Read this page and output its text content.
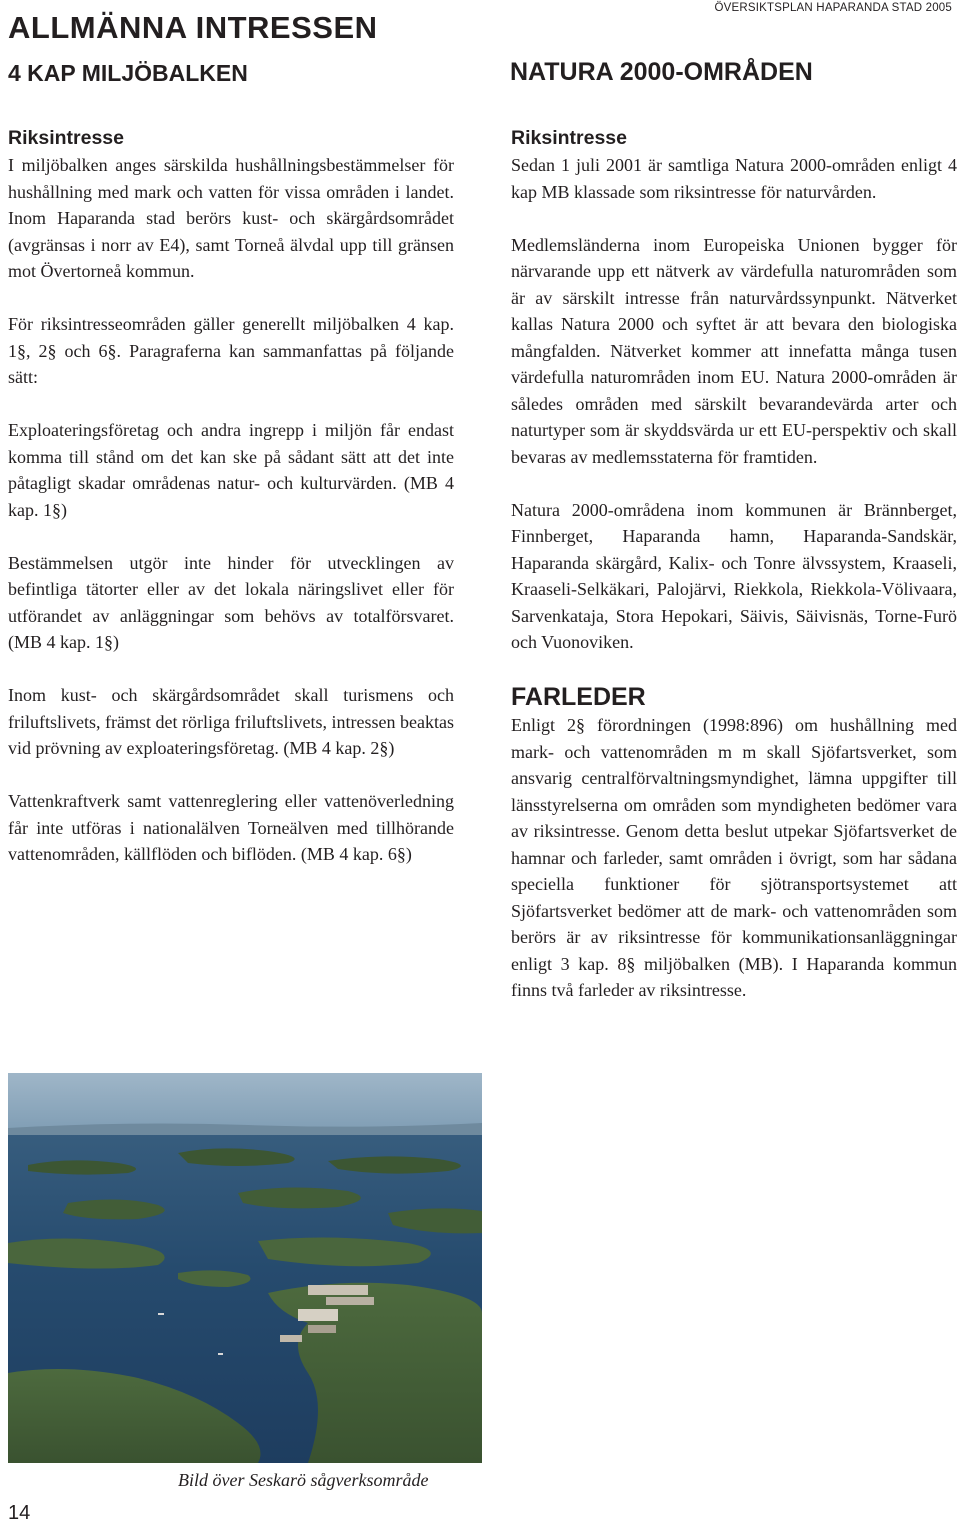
ALLMÄNNA INTRESSEN
4 KAP MILJÖBALKEN
ÖVERSIKTSPLAN HAPARANDA STAD 2005
NATURA 2000-OMRÅDEN
Riksintresse

I miljöbalken anges särskilda hushållningsbestämmelser för hushållning med mark och vatten för vissa områden i landet. Inom Haparanda stad berörs kust- och skärgårdsområdet (avgränsas i norr av E4), samt Torneå älvdal upp till gränsen mot Övertorneå kommun.

För riksintresseområden gäller generellt miljöbalken 4 kap. 1§, 2§ och 6§. Paragraferna kan sammanfattas på följande sätt:

Exploateringsföretag och andra ingrepp i miljön får endast komma till stånd om det kan ske på sådant sätt att det inte påtagligt skadar områdenas natur- och kulturvärden. (MB 4 kap. 1§)

Bestämmelsen utgör inte hinder för utvecklingen av befintliga tätorter eller av det lokala näringslivet eller för utförandet av anläggningar som behövs av totalförsvaret. (MB 4 kap. 1§)

Inom kust- och skärgårdsområdet skall turismens och friluftslivets, främst det rörliga friluftslivets, intressen beaktas vid prövning av exploateringsföretag. (MB 4 kap. 2§)

Vattenkraftverk samt vattenreglering eller vattenöverledning får inte utföras i nationalälven Torneälven med tillhörande vattenområden, källflöden och biflöden. (MB 4 kap. 6§)

Riksintresse

Sedan 1 juli 2001 är samtliga Natura 2000-områden enligt 4 kap MB klassade som riksintresse för naturvården.

Medlemsländerna inom Europeiska Unionen bygger för närvarande upp ett nätverk av värdefulla naturområden som är av särskilt intresse från naturvårdssynpunkt. Nätverket kallas Natura 2000 och syftet är att bevara den biologiska mångfalden. Nätverket kommer att innefatta många tusen värdefulla naturområden inom EU. Natura 2000-områden är således områden med särskilt bevarandevärda arter och naturtyper som är skyddsvärda ur ett EU-perspektiv och skall bevaras av medlemsstaterna för framtiden.

Natura 2000-områdena inom kommunen är Brännberget, Finnberget, Haparanda hamn, Haparanda-Sandskär, Haparanda skärgård, Kalix- och Tonre älvssystem, Kraaseli, Kraaseli-Selkäkari, Palojärvi, Riekkola, Riekkola-Völivaara, Sarvenkataja, Stora Hepokari, Säivis, Säivisnäs, Torne-Furö och Vuonoviken.

FARLEDER

Enligt 2§ förordningen (1998:896) om hushållning med mark- och vattenområden m m skall Sjöfartsverket, som ansvarig centralförvaltningsmyndighet, lämna uppgifter till länsstyrelserna om områden som myndigheten bedömer vara av riksintresse. Genom detta beslut utpekar Sjöfartsverket de hamnar och farleder, samt områden i övrigt, som har sådana speciella funktioner för sjötransportsystemet att Sjöfartsverket bedömer att de mark- och vattenområden som berörs är av riksintresse för kommunikationsanläggningar enligt 3 kap. 8§ miljöbalken (MB). I Haparanda kommun finns två farleder av riksintresse.

Bild över Seskarö sågverksområde
14
